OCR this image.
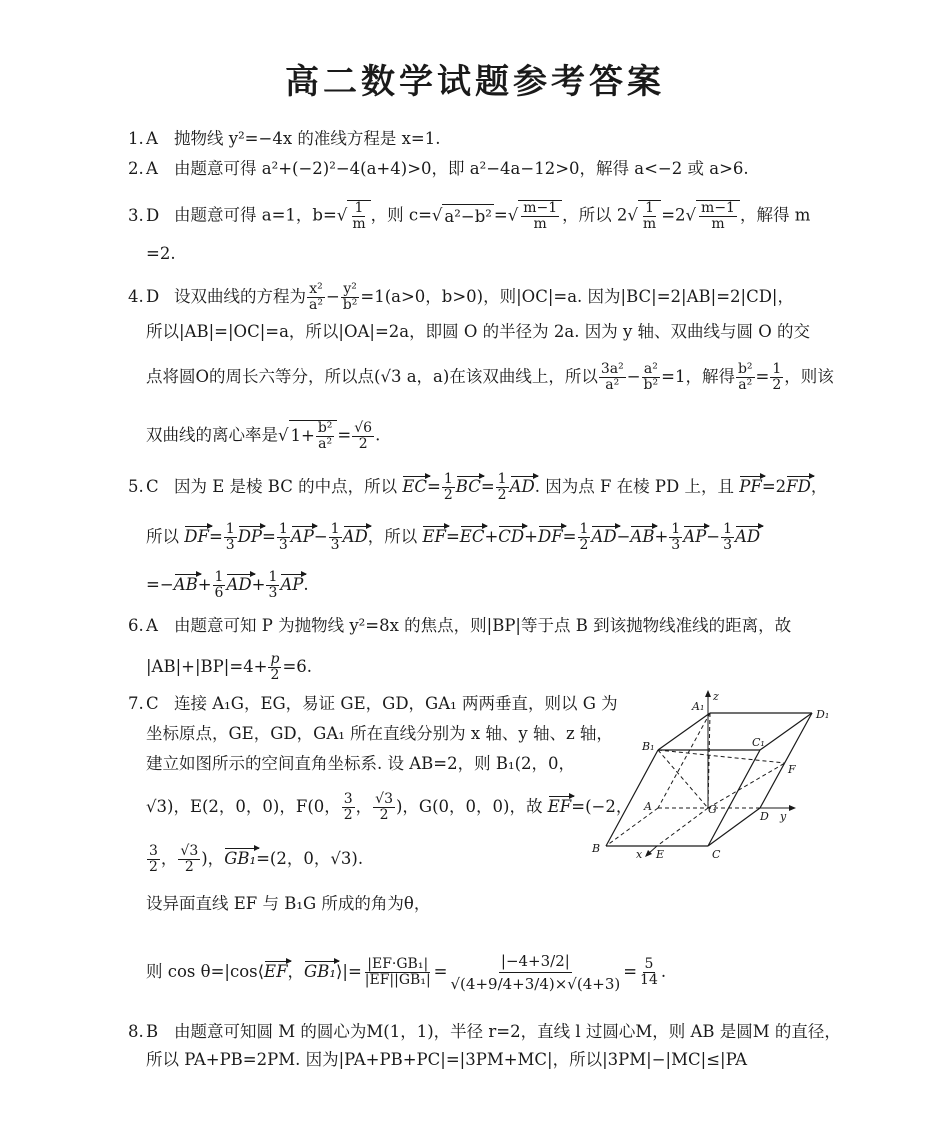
高二数学试题参考答案
1. A 抛物线 y²=−4x 的准线方程是 x=1.
2. A 由题意可得 a²+(−2)²−4(a+4)>0，即 a²−4a−12>0，解得 a<−2 或 a>6.
3. D 由题意可得 a=1，$b=√ \frac{1}{m}$ ，则 c=√ a²−b² =√ $\frac{m-1}{m}$ ，所以 $2√ \frac{1}{m} =2√ \frac{m-1}{m}$ ，解得 m
=2.
4. D 设双曲线的方程为 $\frac{\text{x²}}{\text{a²}} - \frac{\text{y²}}{\text{b²}} =1(a>0$，b>0)，则|OC|=a. 因为|BC|=2|AB|=2|CD|，
所以|AB|=|OC|=a，所以|OA|=2a，即圆 O 的半径为 2a. 因为 y 轴、双曲线与圆 O 的交
点将圆O的周长六等分，所以点(√3 a，a)在该双曲线上，所以 $\frac{\text{3a²}}{\text{a²}} - \frac{\text{a²}}{\text{b²}} =1$，解得 $\frac{\text{b²}}{\text{a²}} = \frac{1}{2}$ ，则该
双曲线的离心率是√ $1+ \frac{\text{b²}}{\text{a²}} = \frac{√6}{2}$ .
5. C 因为 E 是棱 BC 的中点，所以 $EC= \frac{1}{2} BC= \frac{1}{2}$ AD. 因为点 F 在棱 PD 上，且 PF=2FD，
所以 $DF= \frac{1}{3} DP= \frac{1}{3} AP- \frac{1}{3}$ AD，所以 $EF=EC+CD+DF= \frac{1}{2} AD-AB+ \frac{1}{3} AP- \frac{1}{3}$ AD
$=-AB+ \frac{1}{6} AD+ \frac{1}{3}$ AP.
6. A 由题意可知 P 为抛物线 y²=8x 的焦点，则|BP|等于点 B 到该抛物线准线的距离，故
$|AB|+|BP|=4+ \frac{p}{2} =6$.
7. C 连接 A₁G，EG，易证 GE，GD，GA₁ 两两垂直，则以 G 为
坐标原点，GE，GD，GA₁ 所在直线分别为 x 轴、y 轴、z 轴，
建立如图所示的空间直角坐标系. 设 AB=2，则 B₁(2，0，
√3)，E(2，0，0)，F(0， $\frac{3}{2}$ ， $\frac{√3}{2}$ )，G(0，0，0)，故 EF=(−2，
$\frac{3}{2}$ ， $\frac{√3}{2}$ )，GB₁=(2，0，√3).
设异面直线 EF 与 B₁G 所成的角为θ，
则 cos θ=|cos⟨EF，GB₁⟩|= $\frac{\text{|EF·GB₁|}}{\text{|EF||GB₁|}} = \frac{|-4+3/2|}{√(4+9/4+3/4)\times√(4+3)} = \frac{5}{14}$ .
A₁
z
D₁
B₁	C₁
F
A	G
D y
B	x E	C
8. B 由题意可知圆 M 的圆心为M(1，1)，半径 r=2，直线 l 过圆心M，则 AB 是圆M 的直径，
所以 PA+PB=2PM. 因为|PA+PB+PC|=|3PM+MC|，所以|3PM|−|MC|≤|PA
